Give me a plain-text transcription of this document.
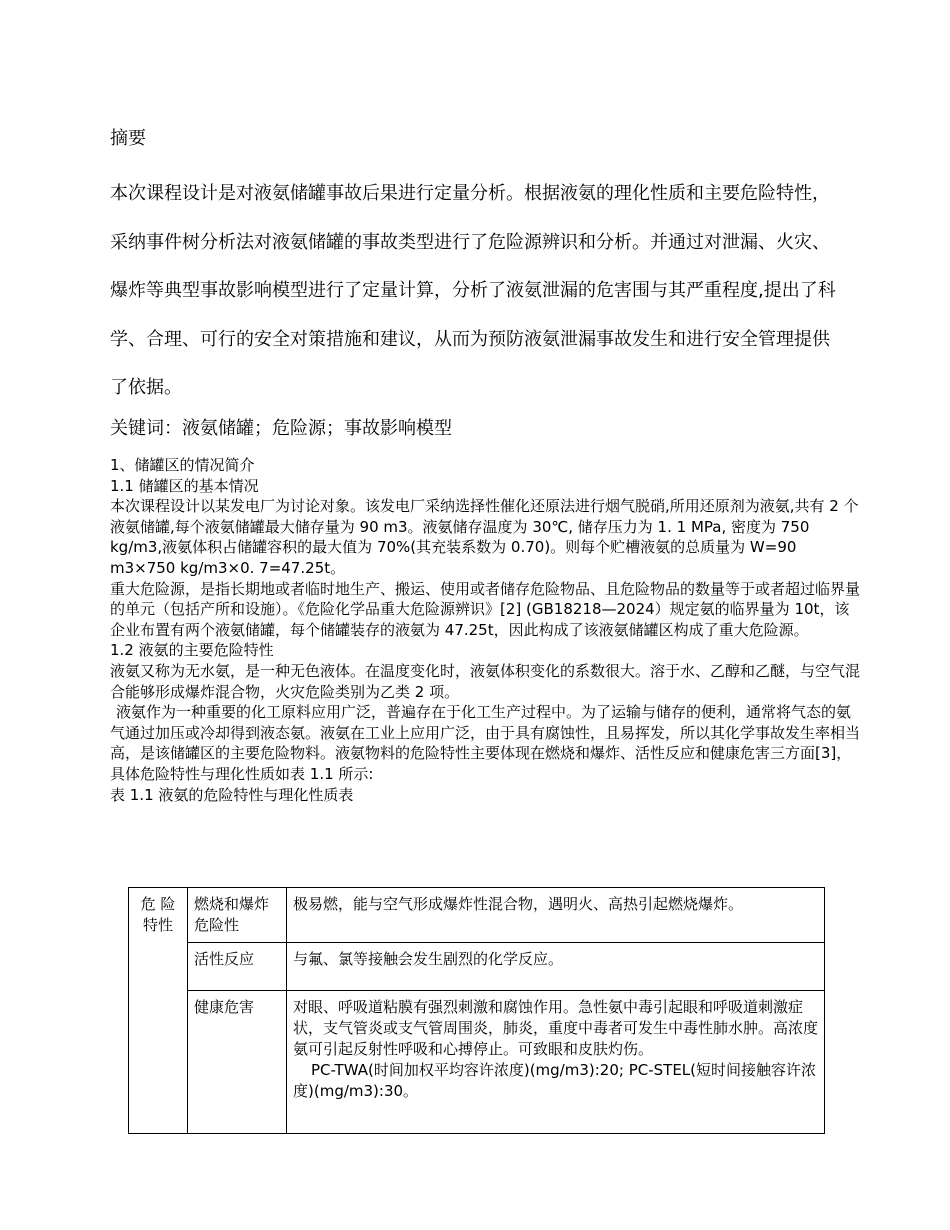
摘要

本次课程设计是对液氨储罐事故后果进行定量分析。根据液氨的理化性质和主要危险特性，

采纳事件树分析法对液氨储罐的事故类型进行了危险源辨识和分析。并通过对泄漏、火灾、

爆炸等典型事故影响模型进行了定量计算，分析了液氨泄漏的危害围与其严重程度,提出了科

学、合理、可行的安全对策措施和建议，从而为预防液氨泄漏事故发生和进行安全管理提供

了依据。

关键词：液氨储罐；危险源；事故影响模型

1、储罐区的情况简介

1.1 储罐区的基本情况

本次课程设计以某发电厂为讨论对象。该发电厂采纳选择性催化还原法进行烟气脱硝,所用还原剂为液氨,共有 2 个液氨储罐,每个液氨储罐最大储存量为 90 m3。液氨储存温度为 30℃, 储存压力为 1. 1 MPa, 密度为 750 kg/m3,液氨体积占储罐容积的最大值为 70%(其充装系数为 0.70)。则每个贮槽液氨的总质量为 W=90 m3×750 kg/m3×0. 7=47.25t。

重大危险源，是指长期地或者临时地生产、搬运、使用或者储存危险物品、且危险物品的数量等于或者超过临界量的单元（包括产所和设施）。《危险化学品重大危险源辨识》[2] (GB18218—2024）规定氨的临界量为 10t，该企业布置有两个液氨储罐，每个储罐装存的液氨为 47.25t，因此构成了该液氨储罐区构成了重大危险源。

1.2 液氨的主要危险特性

液氨又称为无水氨，是一种无色液体。在温度变化时，液氨体积变化的系数很大。溶于水、乙醇和乙醚，与空气混合能够形成爆炸混合物，火灾危险类别为乙类 2 项。

液氨作为一种重要的化工原料应用广泛，普遍存在于化工生产过程中。为了运输与储存的便利，通常将气态的氨气通过加压或冷却得到液态氨。液氨在工业上应用广泛，由于具有腐蚀性，且易挥发，所以其化学事故发生率相当高，是该储罐区的主要危险物料。液氨物料的危险特性主要体现在燃烧和爆炸、活性反应和健康危害三方面[3]，具体危险特性与理化性质如表 1.1 所示:

表 1.1 液氨的危险特性与理化性质表

危 险
特性	燃烧和爆炸危险性	极易燃，能与空气形成爆炸性混合物，遇明火、高热引起燃烧爆炸。
	活性反应	与氟、氯等接触会发生剧烈的化学反应。
	健康危害	对眼、呼吸道粘膜有强烈刺激和腐蚀作用。急性氨中毒引起眼和呼吸道刺激症状，支气管炎或支气管周围炎，肺炎，重度中毒者可发生中毒性肺水肿。高浓度氨可引起反射性呼吸和心搏停止。可致眼和皮肤灼伤。
PC-TWA(时间加权平均容许浓度)(mg/m3):20; PC-STEL(短时间接触容许浓度)(mg/m3):30。
